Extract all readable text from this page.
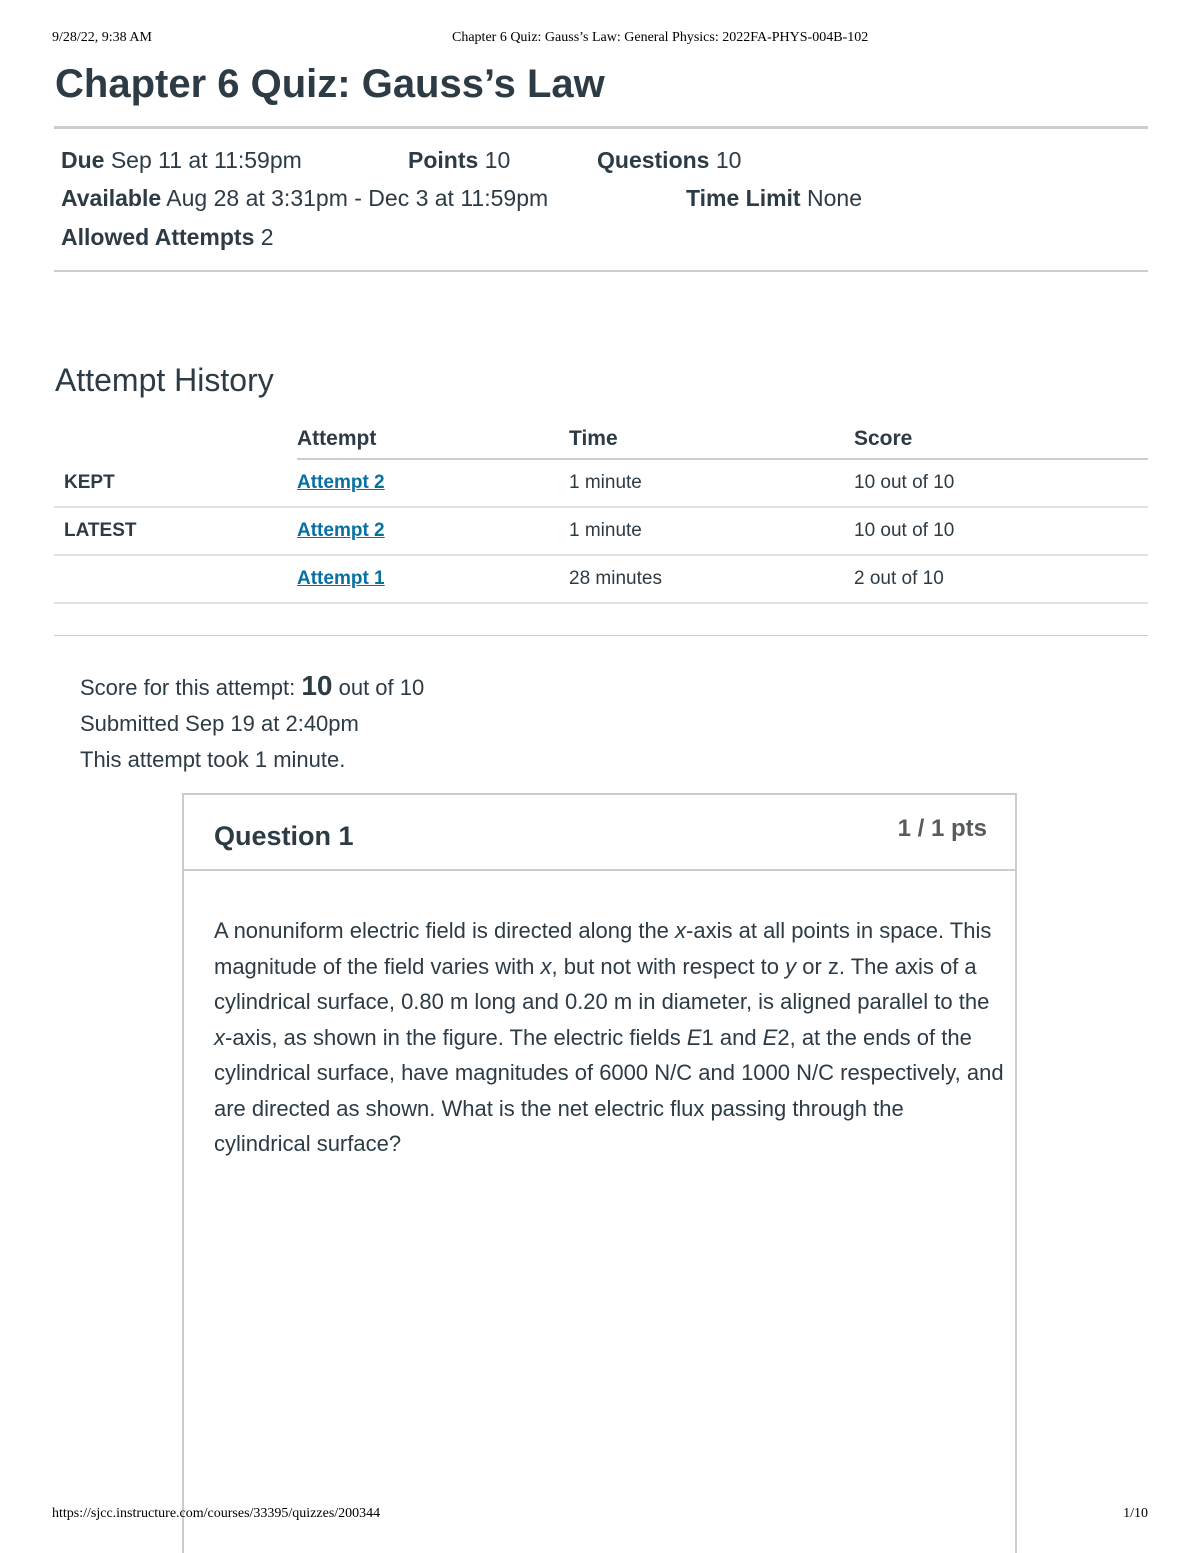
9/28/22, 9:38 AM	Chapter 6 Quiz: Gauss’s Law: General Physics: 2022FA-PHYS-004B-102
Chapter 6 Quiz: Gauss’s Law
Due Sep 11 at 11:59pm	Points 10	Questions 10
Available Aug 28 at 3:31pm - Dec 3 at 11:59pm	Time Limit None
Allowed Attempts 2
Attempt History
	Attempt	Time	Score
KEPT	Attempt 2	1 minute	10 out of 10
LATEST	Attempt 2	1 minute	10 out of 10
	Attempt 1	28 minutes	2 out of 10
Score for this attempt: 10 out of 10
Submitted Sep 19 at 2:40pm
This attempt took 1 minute.
Question 1	1 / 1 pts
A nonuniform electric field is directed along the x-axis at all points in space. This magnitude of the field varies with x, but not with respect to y or z. The axis of a cylindrical surface, 0.80 m long and 0.20 m in diameter, is aligned parallel to the x-axis, as shown in the figure. The electric fields E1 and E2, at the ends of the cylindrical surface, have magnitudes of 6000 N/C and 1000 N/C respectively, and are directed as shown. What is the net electric flux passing through the cylindrical surface?
https://sjcc.instructure.com/courses/33395/quizzes/200344	1/10
